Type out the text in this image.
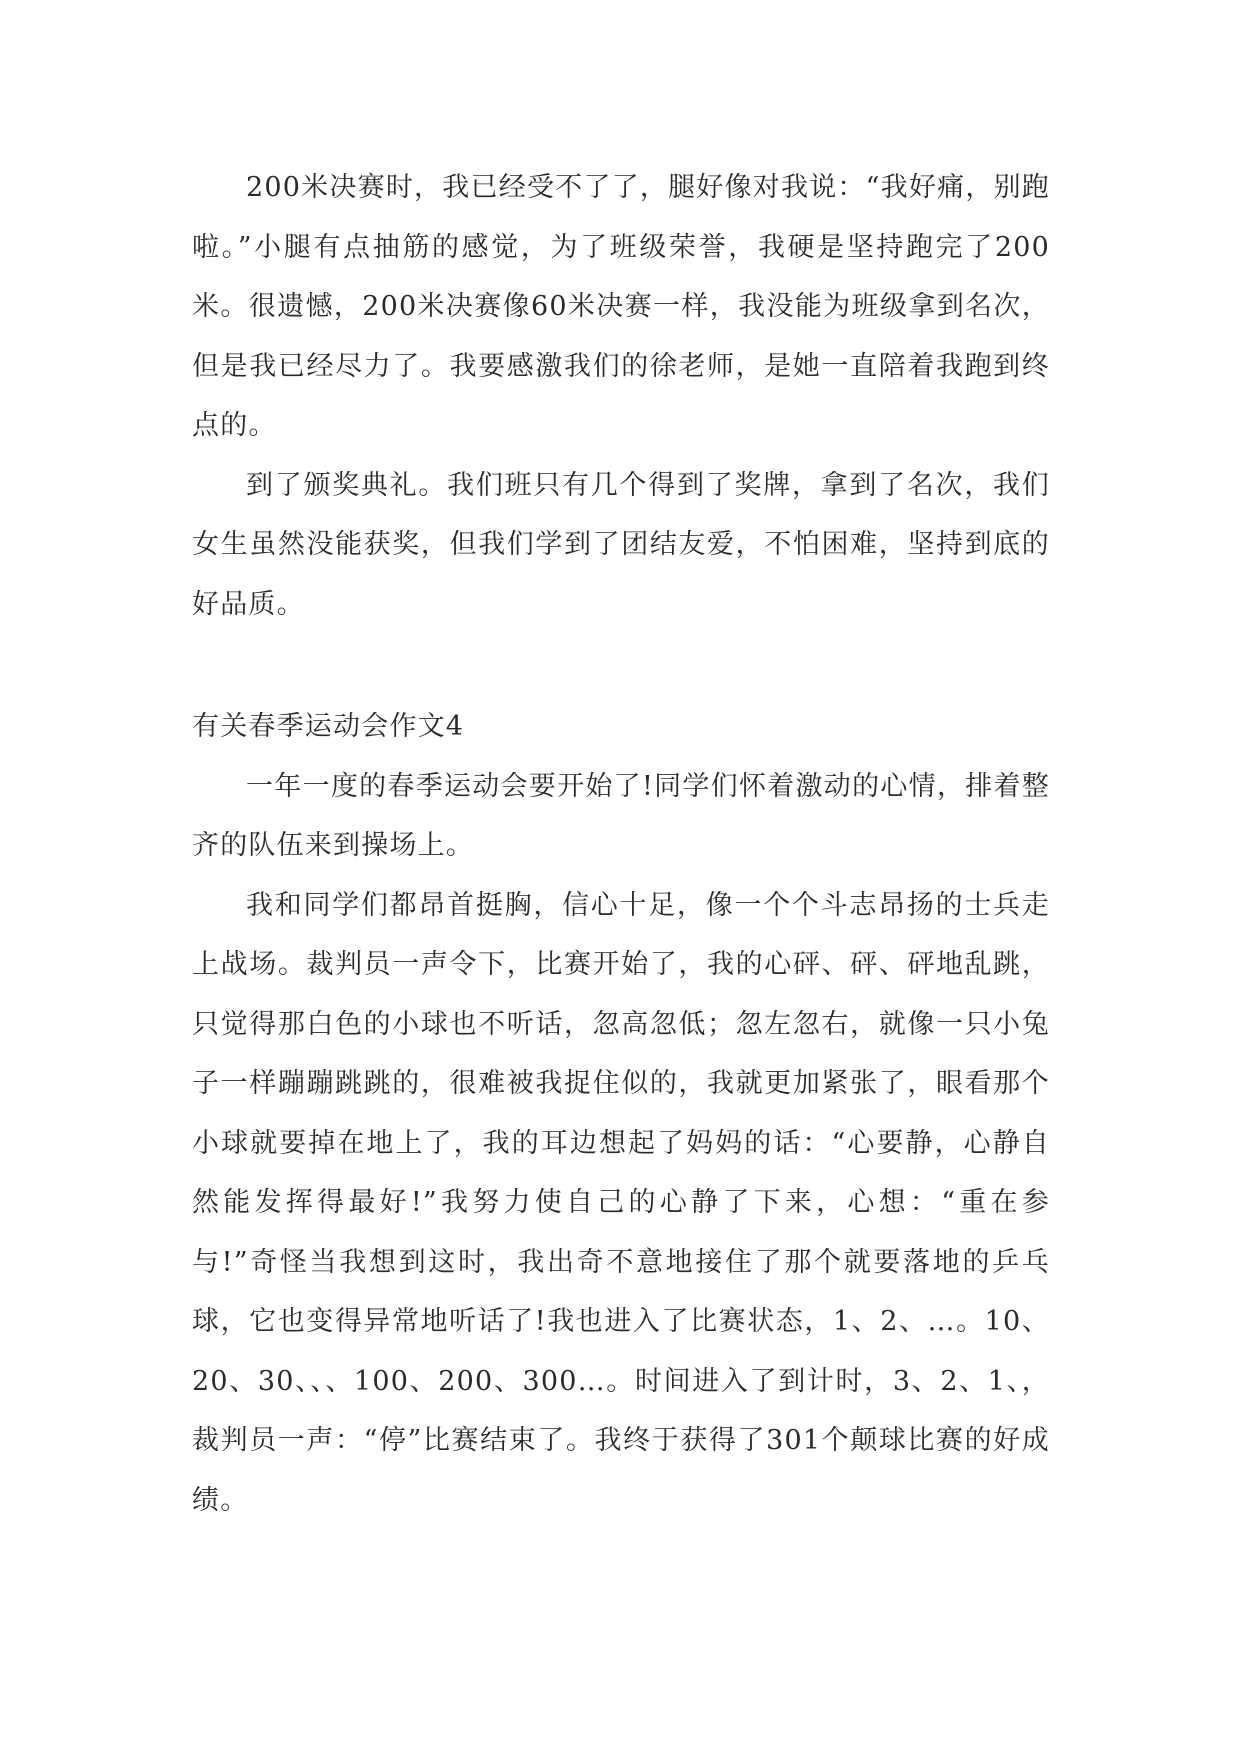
200米决赛时，我已经受不了了，腿好像对我说：“我好痛，别跑啦。”小腿有点抽筋的感觉，为了班级荣誉，我硬是坚持跑完了200米。很遗憾，200米决赛像60米决赛一样，我没能为班级拿到名次，但是我已经尽力了。我要感激我们的徐老师，是她一直陪着我跑到终点的。

到了颁奖典礼。我们班只有几个得到了奖牌，拿到了名次，我们女生虽然没能获奖，但我们学到了团结友爱，不怕困难，坚持到底的好品质。

有关春季运动会作文4

一年一度的春季运动会要开始了!同学们怀着激动的心情，排着整齐的队伍来到操场上。

我和同学们都昂首挺胸，信心十足，像一个个斗志昂扬的士兵走上战场。裁判员一声令下，比赛开始了，我的心砰、砰、砰地乱跳，只觉得那白色的小球也不听话，忽高忽低；忽左忽右，就像一只小兔子一样蹦蹦跳跳的，很难被我捉住似的，我就更加紧张了，眼看那个小球就要掉在地上了，我的耳边想起了妈妈的话：“心要静，心静自然能发挥得最好!”我努力使自己的心静了下来，心想：“重在参与!”奇怪当我想到这时，我出奇不意地接住了那个就要落地的乒乓球，它也变得异常地听话了!我也进入了比赛状态，1、2、…。10、20、30、、、100、200、300…。时间进入了到计时，3、2、1、，裁判员一声：“停”比赛结束了。我终于获得了301个颠球比赛的好成绩。
